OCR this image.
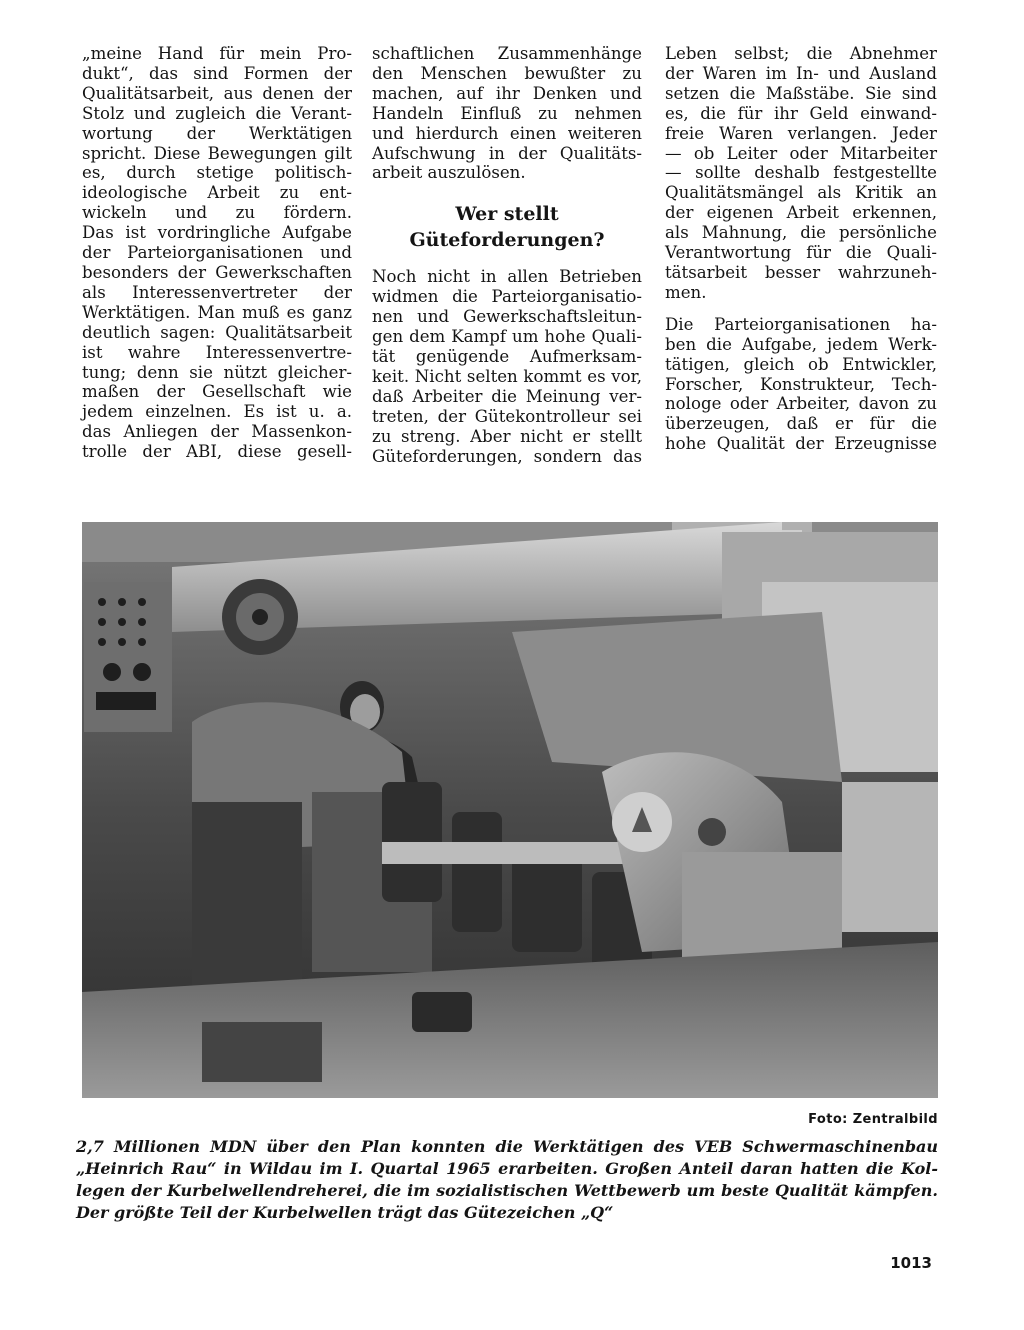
„meine Hand für mein Pro-
dukt“, das sind Formen der
Qualitätsarbeit, aus denen der
Stolz und zugleich die Verant-
wortung der Werktätigen
spricht. Diese Bewegungen gilt
es, durch stetige politisch-
ideologische Arbeit zu ent-
wickeln und zu fördern.
Das ist vordringliche Aufgabe
der Parteiorganisationen und
besonders der Gewerkschaften
als Interessenvertreter der
Werktätigen. Man muß es ganz
deutlich sagen: Qualitätsarbeit
ist wahre Interessenvertre-
tung; denn sie nützt gleicher-
maßen der Gesellschaft wie
jedem einzelnen. Es ist u. a.
das Anliegen der Massenkon-
trolle der ABI, diese gesell-
schaftlichen Zusammenhänge
den Menschen bewußter zu
machen, auf ihr Denken und
Handeln Einfluß zu nehmen
und hierdurch einen weiteren
Aufschwung in der Qualitäts-
arbeit auszulösen.
Wer stellt
Güteforderungen?
Noch nicht in allen Betrieben
widmen die Parteiorganisatio-
nen und Gewerkschaftsleitun-
gen dem Kampf um hohe Quali-
tät genügende Aufmerksam-
keit. Nicht selten kommt es vor,
daß Arbeiter die Meinung ver-
treten, der Gütekontrolleur sei
zu streng. Aber nicht er stellt
Güteforderungen, sondern das
Leben selbst; die Abnehmer
der Waren im In- und Ausland
setzen die Maßstäbe. Sie sind
es, die für ihr Geld einwand-
freie Waren verlangen. Jeder
— ob Leiter oder Mitarbeiter
— sollte deshalb festgestellte
Qualitätsmängel als Kritik an
der eigenen Arbeit erkennen,
als Mahnung, die persönliche
Verantwortung für die Quali-
tätsarbeit besser wahrzuneh-
men.
Die Parteiorganisationen ha-
ben die Aufgabe, jedem Werk-
tätigen, gleich ob Entwickler,
Forscher, Konstrukteur, Tech-
nologe oder Arbeiter, davon zu
überzeugen, daß er für die
hohe Qualität der Erzeugnisse
Foto: Zentralbild
2,7 Millionen MDN über den Plan konnten die Werktätigen des VEB Schwermaschinenbau
„Heinrich Rau“ in Wildau im I. Quartal 1965 erarbeiten. Großen Anteil daran hatten die Kol-
legen der Kurbelwellendreherei, die im sozialistischen Wettbewerb um beste Qualität kämpfen.
Der größte Teil der Kurbelwellen trägt das Gütezeichen „Q“
1013
